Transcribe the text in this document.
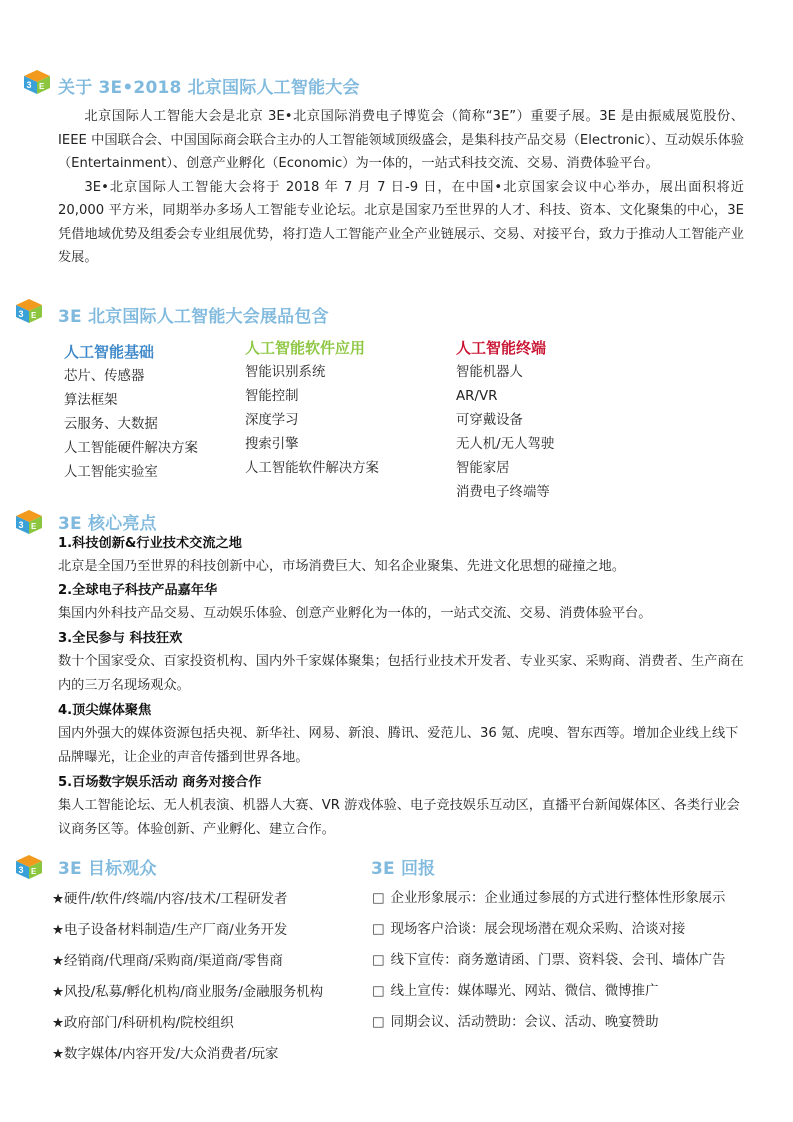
3 E 关于 3E•2018 北京国际人工智能大会

北京国际人工智能大会是北京 3E•北京国际消费电子博览会（简称“3E”）重要子展。3E 是由振威展览股份、IEEE 中国联合会、中国国际商会联合主办的人工智能领域顶级盛会，是集科技产品交易（Electronic）、互动娱乐体验（Entertainment）、创意产业孵化（Economic）为一体的，一站式科技交流、交易、消费体验平台。

3E•北京国际人工智能大会将于 2018 年 7 月 7 日-9 日，在中国•北京国家会议中心举办，展出面积将近 20,000 平方米，同期举办多场人工智能专业论坛。北京是国家乃至世界的人才、科技、资本、文化聚集的中心，3E 凭借地域优势及组委会专业组展优势，将打造人工智能产业全产业链展示、交易、对接平台，致力于推动人工智能产业发展。

3 E 3E 北京国际人工智能大会展品包含
人工智能基础
芯片、传感器
算法框架
云服务、大数据
人工智能硬件解决方案
人工智能实验室
人工智能软件应用
智能识别系统
智能控制
深度学习
搜索引擎
人工智能软件解决方案
人工智能终端
智能机器人
AR/VR
可穿戴设备
无人机/无人驾驶
智能家居
消费电子终端等
3 E 3E 核心亮点
1.科技创新&行业技术交流之地
北京是全国乃至世界的科技创新中心，市场消费巨大、知名企业聚集、先进文化思想的碰撞之地。
2.全球电子科技产品嘉年华
集国内外科技产品交易、互动娱乐体验、创意产业孵化为一体的，一站式交流、交易、消费体验平台。
3.全民参与 科技狂欢
数十个国家受众、百家投资机构、国内外千家媒体聚集；包括行业技术开发者、专业买家、采购商、消费者、生产商在内的三万名现场观众。
4.顶尖媒体聚焦
国内外强大的媒体资源包括央视、新华社、网易、新浪、腾讯、爱范儿、36 氪、虎嗅、智东西等。增加企业线上线下品牌曝光，让企业的声音传播到世界各地。
5.百场数字娱乐活动 商务对接合作
集人工智能论坛、无人机表演、机器人大赛、VR 游戏体验、电子竞技娱乐互动区，直播平台新闻媒体区、各类行业会议商务区等。体验创新、产业孵化、建立合作。
3 E 3E 目标观众
★硬件/软件/终端/内容/技术/工程研发者
★电子设备材料制造/生产厂商/业务开发
★经销商/代理商/采购商/渠道商/零售商
★风投/私募/孵化机构/商业服务/金融服务机构
★政府部门/科研机构/院校组织
★数字媒体/内容开发/大众消费者/玩家
3E 回报
□ 企业形象展示：企业通过参展的方式进行整体性形象展示
□ 现场客户洽谈：展会现场潜在观众采购、洽谈对接
□ 线下宣传：商务邀请函、门票、资料袋、会刊、墙体广告
□ 线上宣传：媒体曝光、网站、微信、微博推广
□ 同期会议、活动赞助：会议、活动、晚宴赞助
